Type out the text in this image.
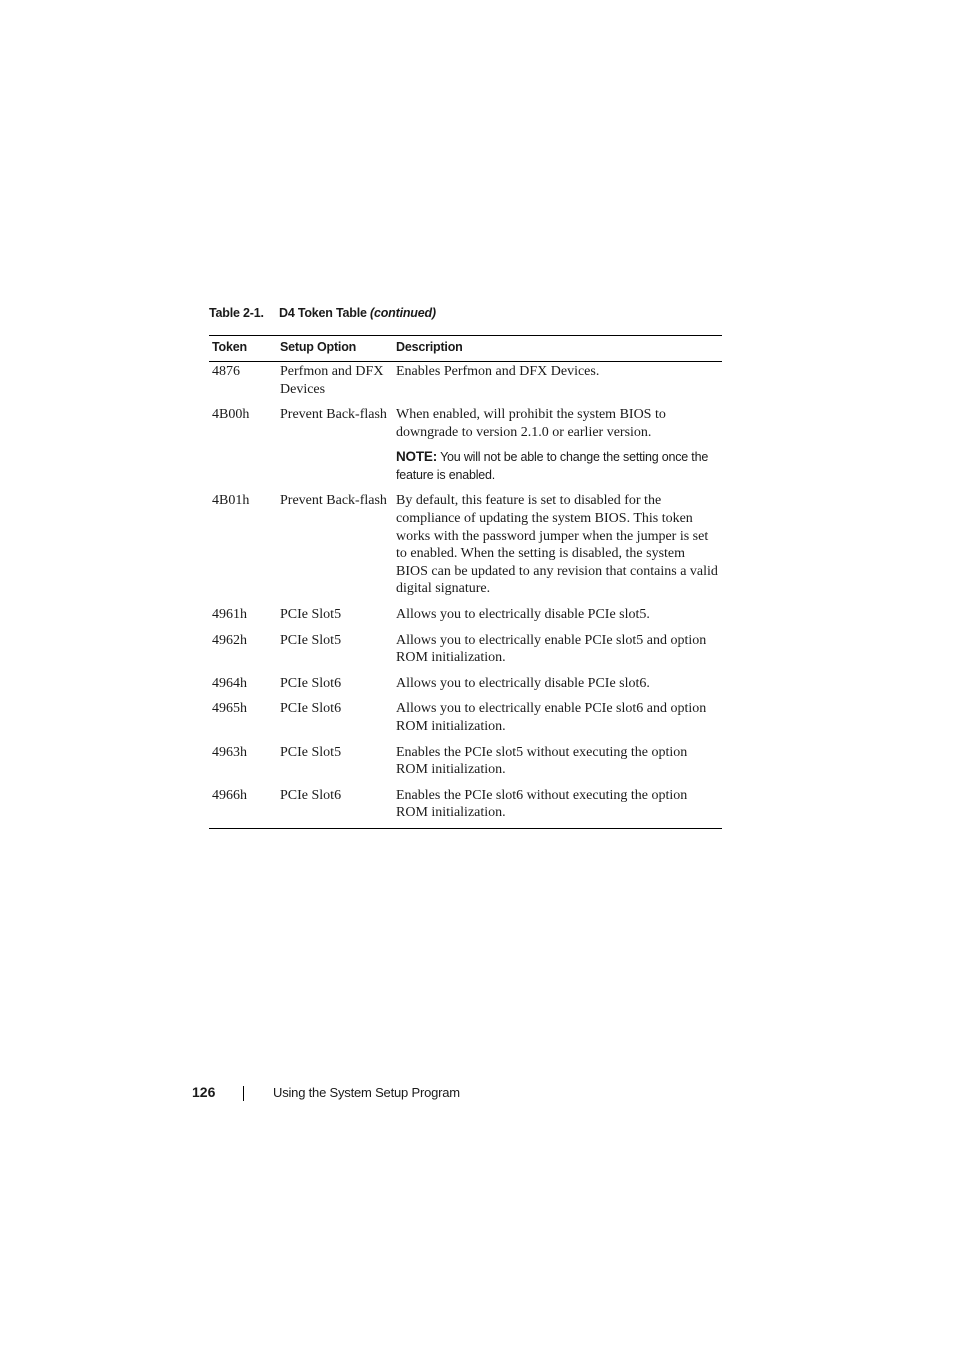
Table 2-1. D4 Token Table (continued)
Token	Setup Option	Description
4876	Perfmon and DFX Devices	Enables Perfmon and DFX Devices.
4B00h	Prevent Back-flash	When enabled, will prohibit the system BIOS to downgrade to version 2.1.0 or earlier version.
NOTE: You will not be able to change the setting once the feature is enabled.

4B01h	Prevent Back-flash	By default, this feature is set to disabled for the compliance of updating the system BIOS. This token works with the password jumper when the jumper is set to enabled. When the setting is disabled, the system BIOS can be updated to any revision that contains a valid digital signature.
4961h	PCIe Slot5	Allows you to electrically disable PCIe slot5.
4962h	PCIe Slot5	Allows you to electrically enable PCIe slot5 and option ROM initialization.
4964h	PCIe Slot6	Allows you to electrically disable PCIe slot6.
4965h	PCIe Slot6	Allows you to electrically enable PCIe slot6 and option ROM initialization.
4963h	PCIe Slot5	Enables the PCIe slot5 without executing the option ROM initialization.
4966h	PCIe Slot6	Enables the PCIe slot6 without executing the option ROM initialization.
126	Using the System Setup Program
